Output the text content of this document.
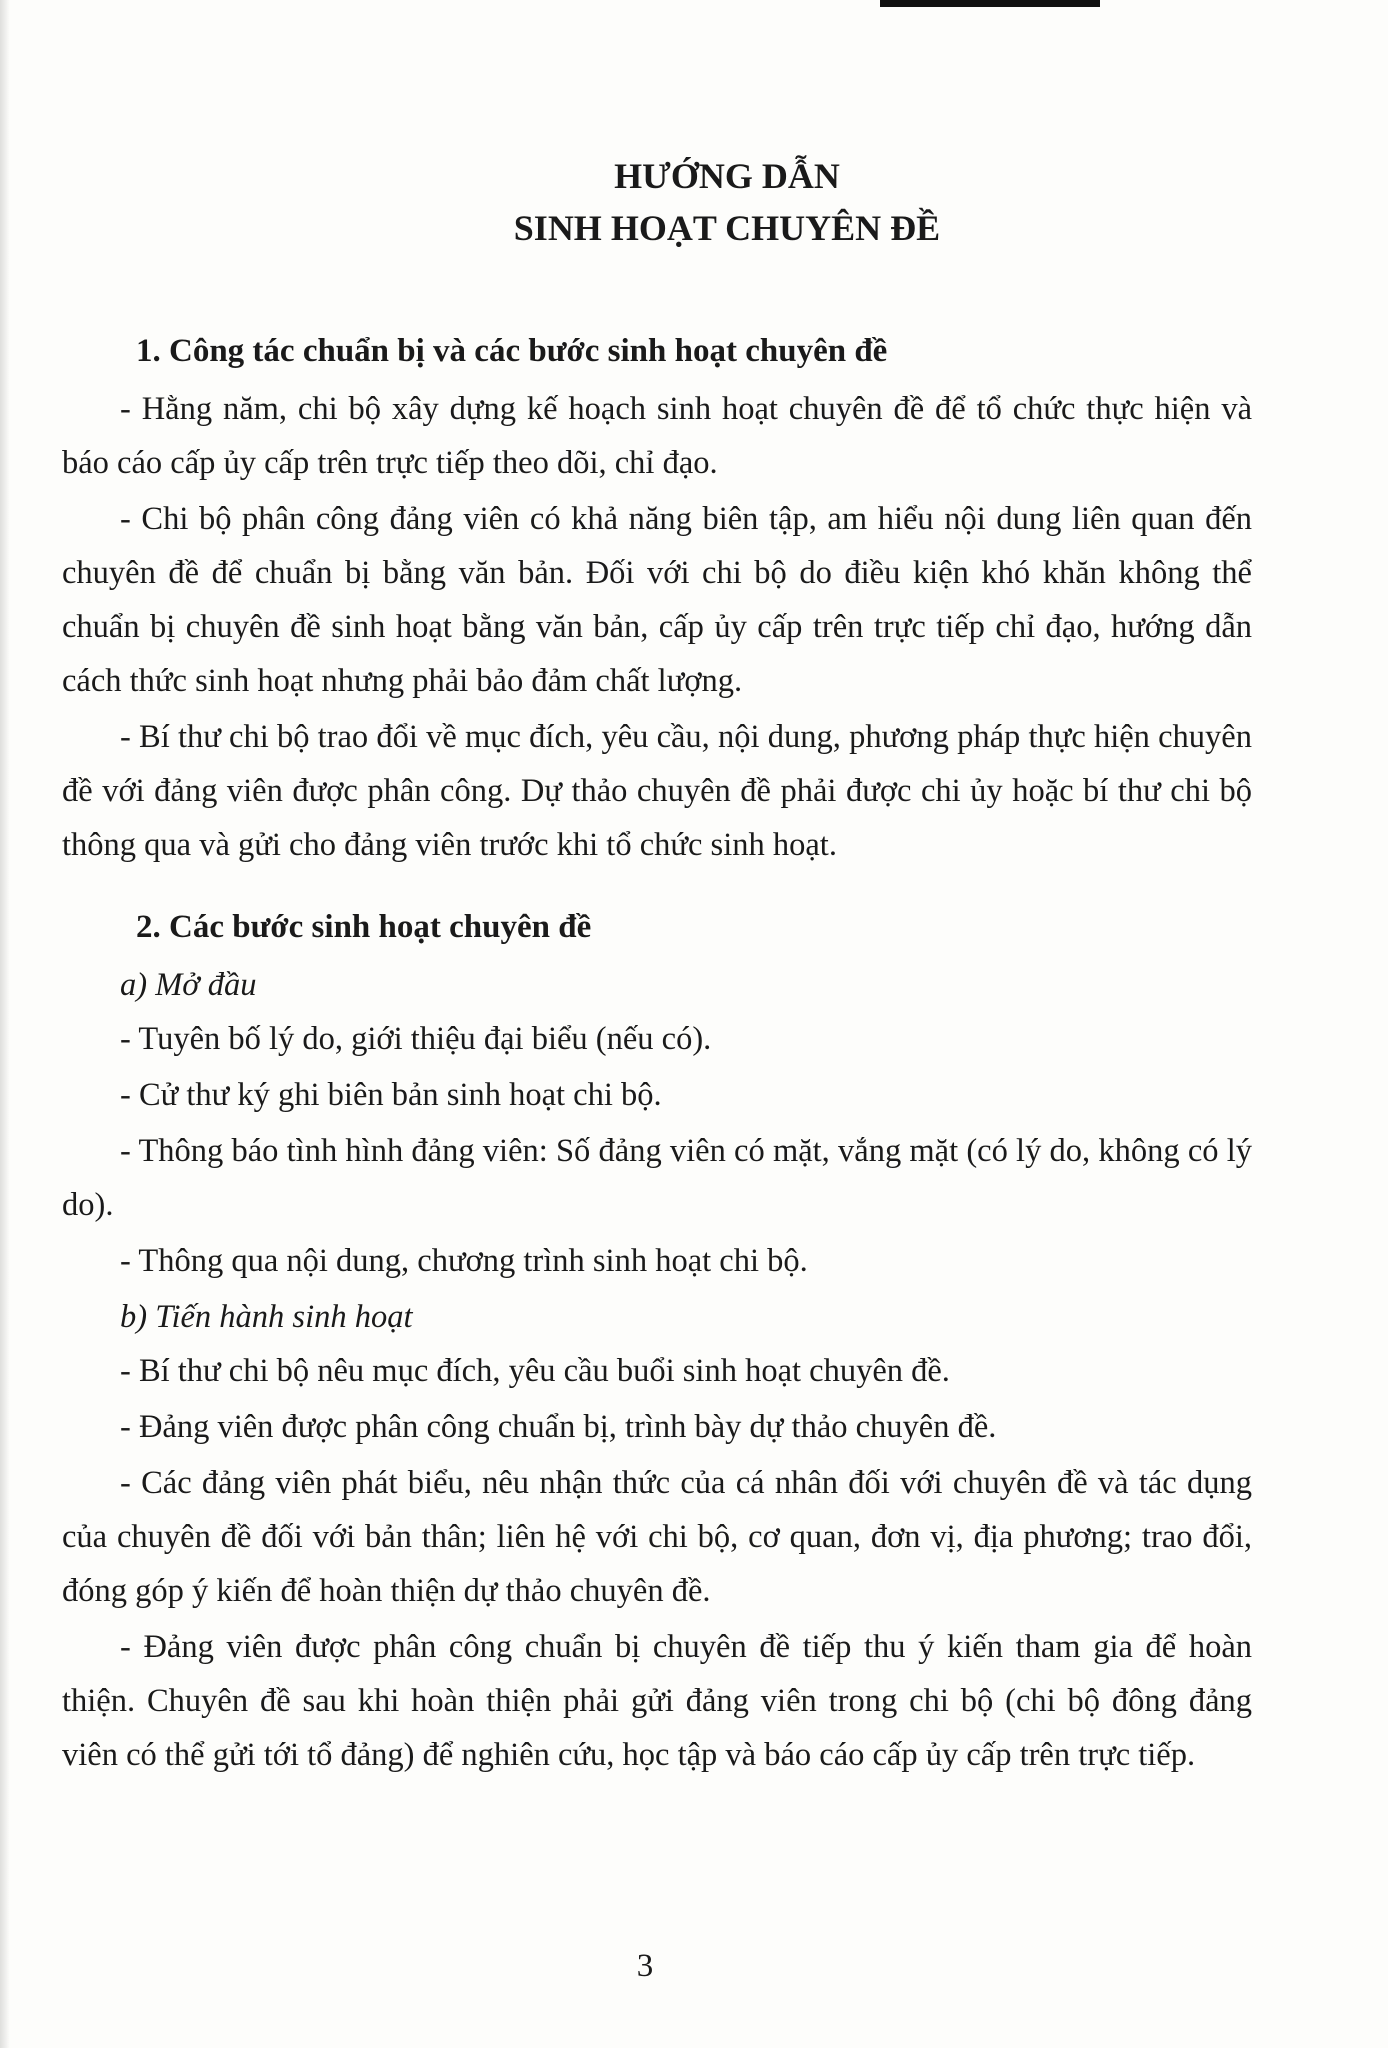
HƯỚNG DẪN
SINH HOẠT CHUYÊN ĐỀ
1. Công tác chuẩn bị và các bước sinh hoạt chuyên đề

- Hằng năm, chi bộ xây dựng kế hoạch sinh hoạt chuyên đề để tổ chức thực hiện và báo cáo cấp ủy cấp trên trực tiếp theo dõi, chỉ đạo.

- Chi bộ phân công đảng viên có khả năng biên tập, am hiểu nội dung liên quan đến chuyên đề để chuẩn bị bằng văn bản. Đối với chi bộ do điều kiện khó khăn không thể chuẩn bị chuyên đề sinh hoạt bằng văn bản, cấp ủy cấp trên trực tiếp chỉ đạo, hướng dẫn cách thức sinh hoạt nhưng phải bảo đảm chất lượng.

- Bí thư chi bộ trao đổi về mục đích, yêu cầu, nội dung, phương pháp thực hiện chuyên đề với đảng viên được phân công. Dự thảo chuyên đề phải được chi ủy hoặc bí thư chi bộ thông qua và gửi cho đảng viên trước khi tổ chức sinh hoạt.

2. Các bước sinh hoạt chuyên đề

a) Mở đầu

- Tuyên bố lý do, giới thiệu đại biểu (nếu có).

- Cử thư ký ghi biên bản sinh hoạt chi bộ.

- Thông báo tình hình đảng viên: Số đảng viên có mặt, vắng mặt (có lý do, không có lý do).

- Thông qua nội dung, chương trình sinh hoạt chi bộ.

b) Tiến hành sinh hoạt

- Bí thư chi bộ nêu mục đích, yêu cầu buổi sinh hoạt chuyên đề.

- Đảng viên được phân công chuẩn bị, trình bày dự thảo chuyên đề.

- Các đảng viên phát biểu, nêu nhận thức của cá nhân đối với chuyên đề và tác dụng của chuyên đề đối với bản thân; liên hệ với chi bộ, cơ quan, đơn vị, địa phương; trao đổi, đóng góp ý kiến để hoàn thiện dự thảo chuyên đề.

- Đảng viên được phân công chuẩn bị chuyên đề tiếp thu ý kiến tham gia để hoàn thiện. Chuyên đề sau khi hoàn thiện phải gửi đảng viên trong chi bộ (chi bộ đông đảng viên có thể gửi tới tổ đảng) để nghiên cứu, học tập và báo cáo cấp ủy cấp trên trực tiếp.

3
